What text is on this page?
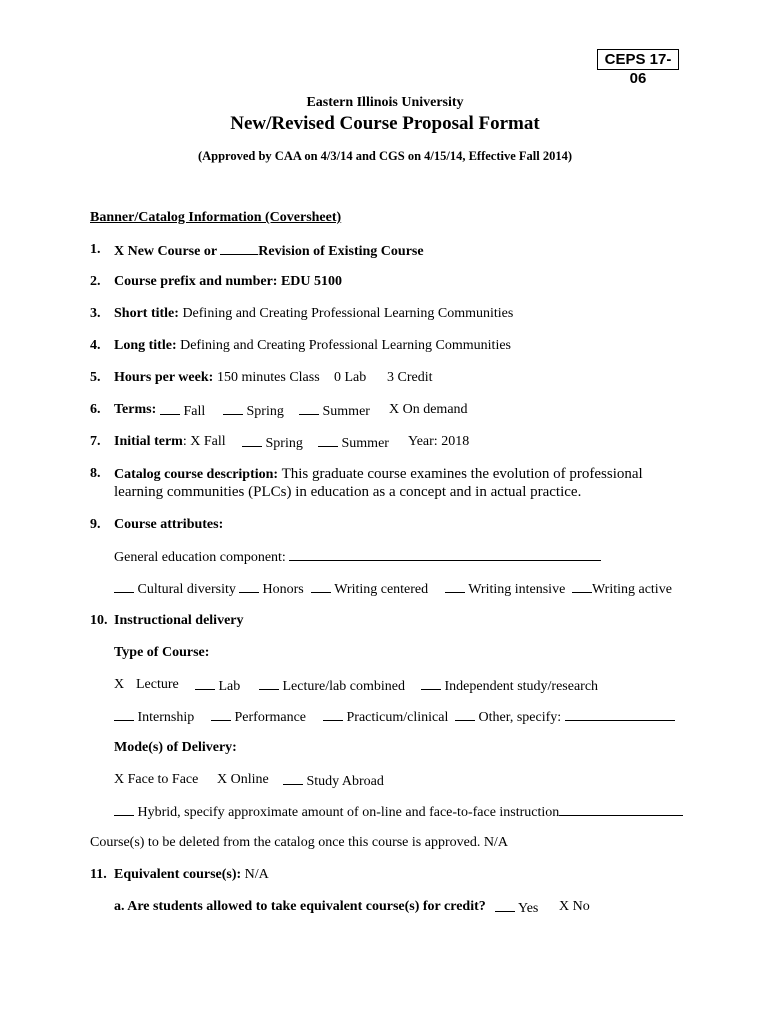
CEPS 17-06
Eastern Illinois University
New/Revised Course Proposal Format
(Approved by CAA on 4/3/14 and CGS on 4/15/14, Effective Fall 2014)
Banner/Catalog Information (Coversheet)
1. X New Course or	Revision of Existing Course
2. Course prefix and number: EDU 5100
3. Short title: Defining and Creating Professional Learning Communities
4. Long title: Defining and Creating Professional Learning Communities
5. Hours per week: 150 minutes Class 0 Lab 3 Credit
6. Terms:	Fall	Spring	Summer X On demand
7. Initial term: X Fall	Spring	Summer Year: 2018
8. Catalog course description: This graduate course examines the evolution of professional
learning communities (PLCs) in education as a concept and in actual practice.
9. Course attributes:
General education component:
Cultural diversity	Honors	Writing centered	Writing intensive	Writing active
10. Instructional delivery
Type of Course:
X Lecture	Lab	Lecture/lab combined	Independent study/research
Internship	Performance	Practicum/clinical	Other, specify:
Mode(s) of Delivery:
X Face to Face X Online	Study Abroad
Hybrid, specify approximate amount of on-line and face-to-face instruction
Course(s) to be deleted from the catalog once this course is approved. N/A
11. Equivalent course(s): N/A
a. Are students allowed to take equivalent course(s) for credit?	Yes X No
